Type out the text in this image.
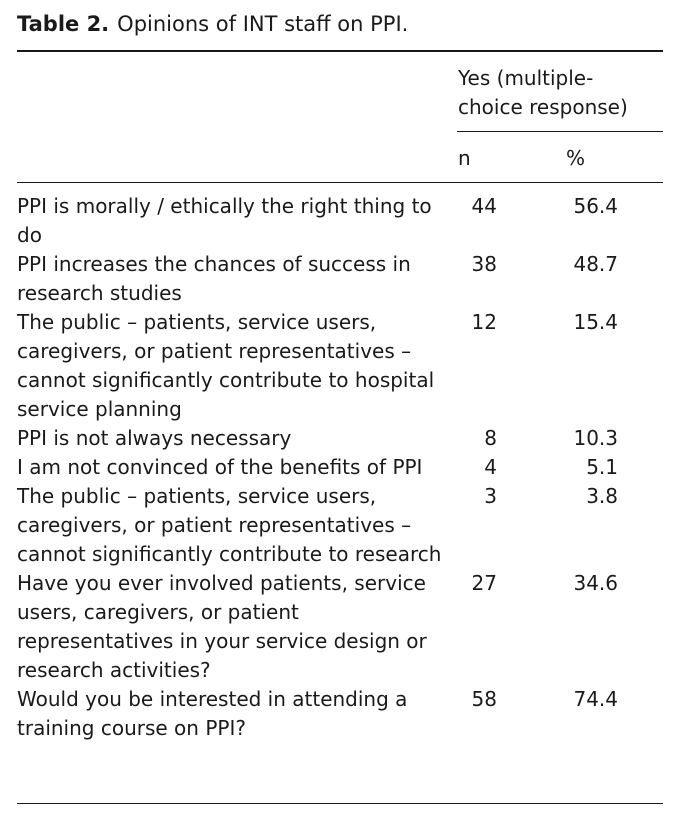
Table 2. Opinions of INT staff on PPI.
Yes (multiple-
choice response)
n	%
PPI is morally / ethically the right thing to do	44	56.4
PPI increases the chances of success in research studies	38	48.7
The public – patients, service users, caregivers, or patient representatives – cannot significantly contribute to hospital service planning	12	15.4
PPI is not always necessary	8	10.3
I am not convinced of the benefits of PPI	4	5.1
The public – patients, service users, caregivers, or patient representatives – cannot significantly contribute to research	3	3.8
Have you ever involved patients, service users, caregivers, or patient representatives in your service design or research activities?	27	34.6
Would you be interested in attending a training course on PPI?	58	74.4
